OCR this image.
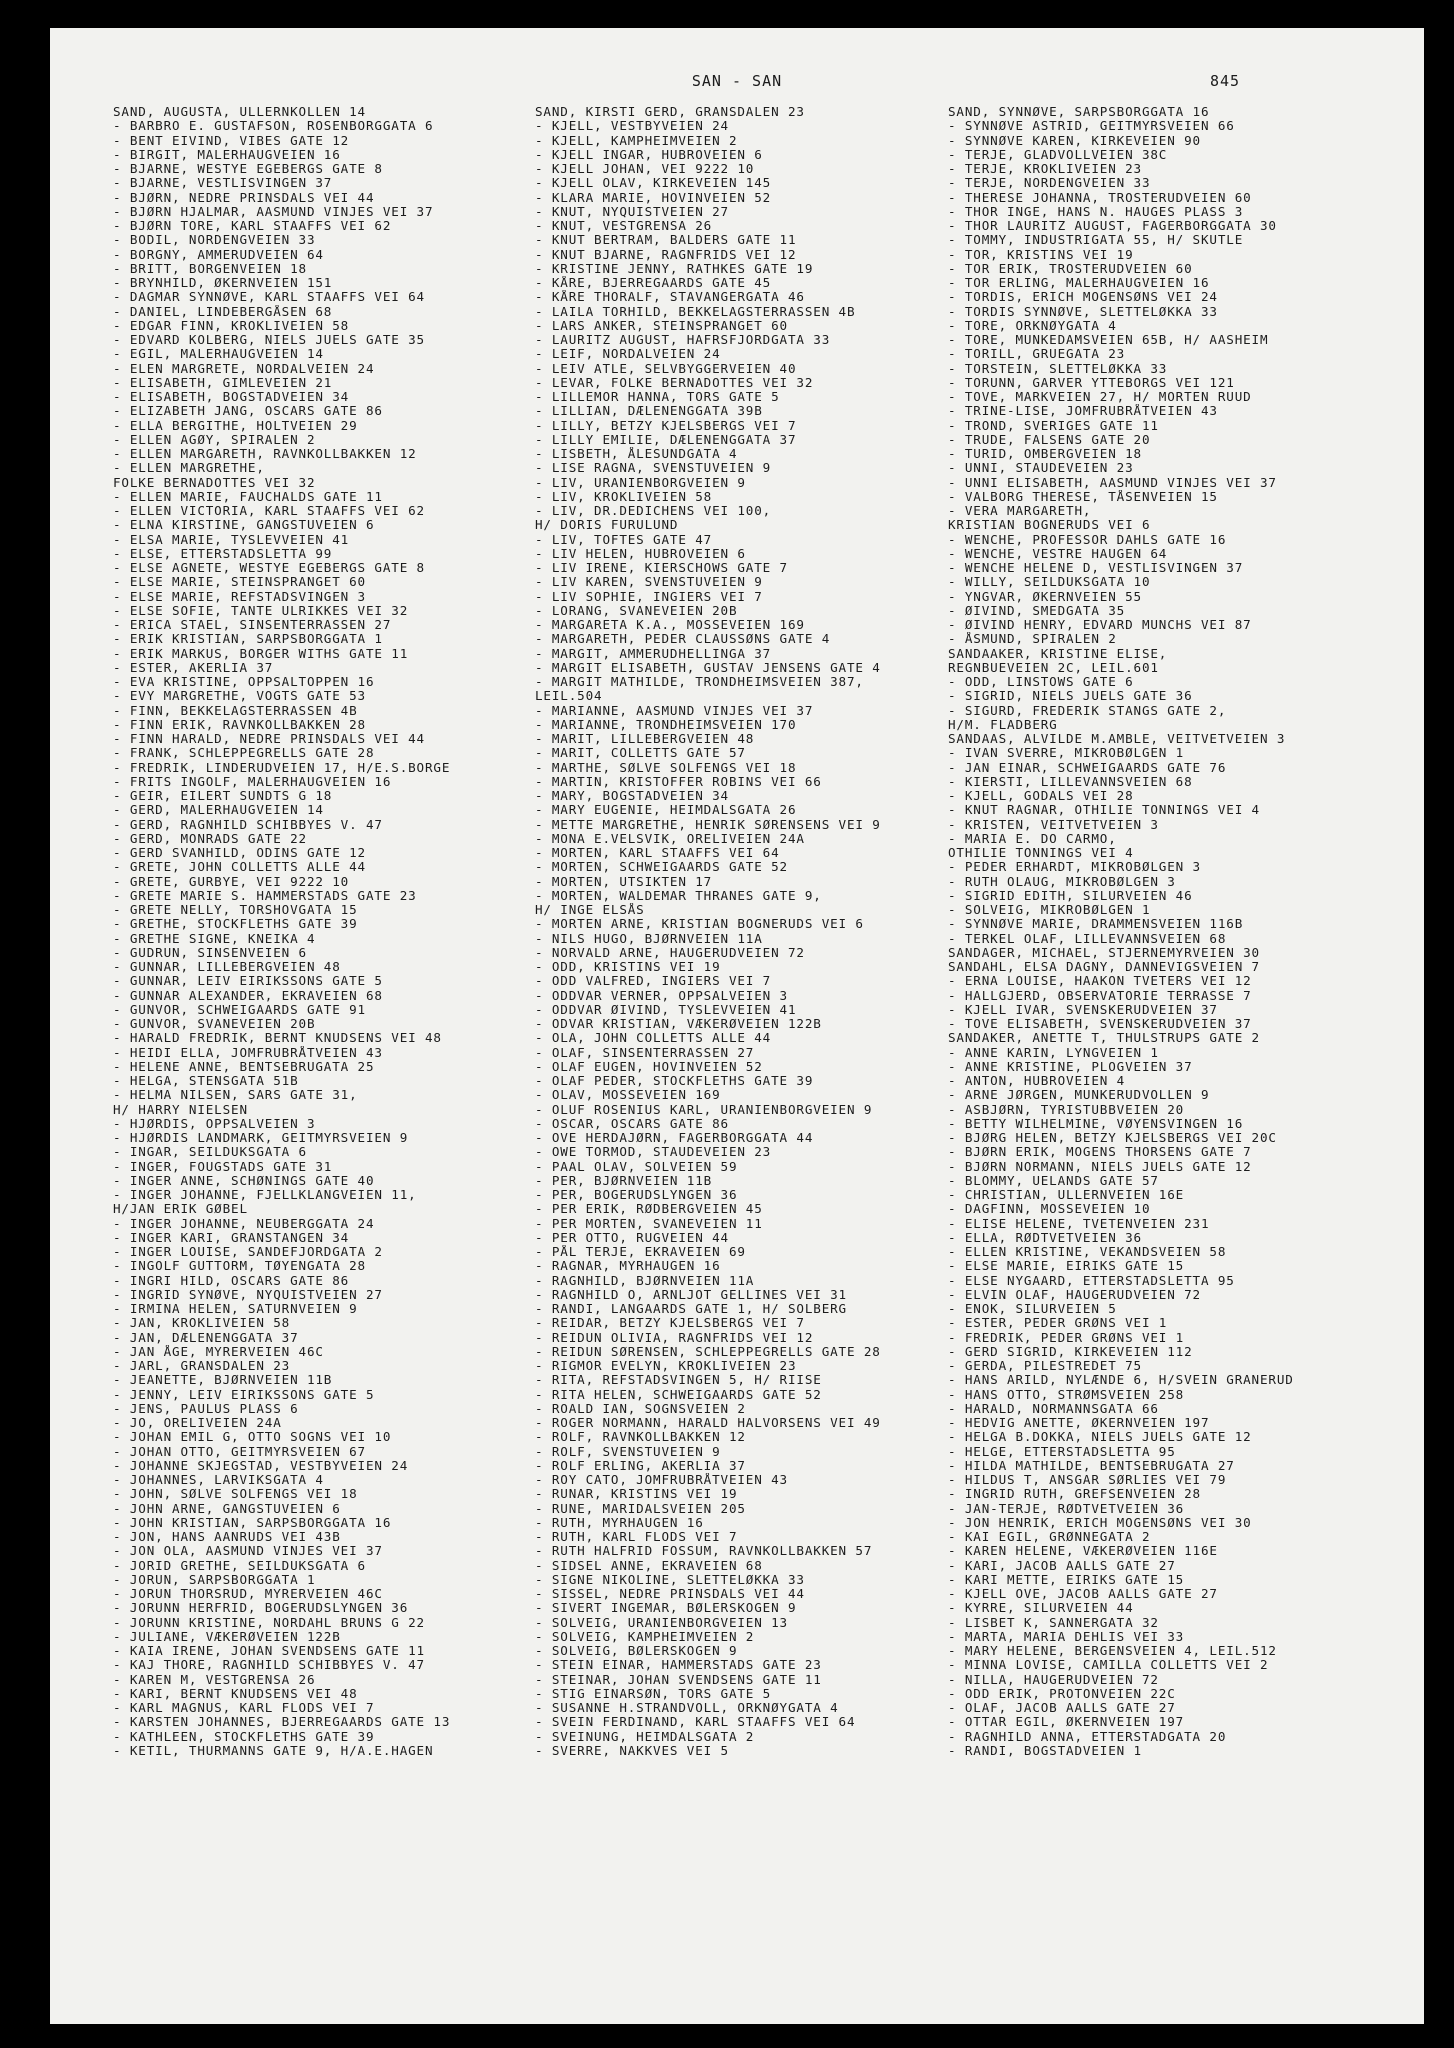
SAN - SAN	845
SAND, AUGUSTA, ULLERNKOLLEN 14
- BARBRO E. GUSTAFSON, ROSENBORGGATA 6
- BENT EIVIND, VIBES GATE 12
- BIRGIT, MALERHAUGVEIEN 16
- BJARNE, WESTYE EGEBERGS GATE 8
- BJARNE, VESTLISVINGEN 37
- BJØRN, NEDRE PRINSDALS VEI 44
- BJØRN HJALMAR, AASMUND VINJES VEI 37
- BJØRN TORE, KARL STAAFFS VEI 62
- BODIL, NORDENGVEIEN 33
- BORGNY, AMMERUDVEIEN 64
- BRITT, BORGENVEIEN 18
- BRYNHILD, ØKERNVEIEN 151
- DAGMAR SYNNØVE, KARL STAAFFS VEI 64
- DANIEL, LINDEBERGÅSEN 68
- EDGAR FINN, KROKLIVEIEN 58
- EDVARD KOLBERG, NIELS JUELS GATE 35
- EGIL, MALERHAUGVEIEN 14
- ELEN MARGRETE, NORDALVEIEN 24
- ELISABETH, GIMLEVEIEN 21
- ELISABETH, BOGSTADVEIEN 34
- ELIZABETH JANG, OSCARS GATE 86
- ELLA BERGITHE, HOLTVEIEN 29
- ELLEN AGØY, SPIRALEN 2
- ELLEN MARGARETH, RAVNKOLLBAKKEN 12
- ELLEN MARGRETHE,
FOLKE BERNADOTTES VEI 32
- ELLEN MARIE, FAUCHALDS GATE 11
- ELLEN VICTORIA, KARL STAAFFS VEI 62
- ELNA KIRSTINE, GANGSTUVEIEN 6
- ELSA MARIE, TYSLEVVEIEN 41
- ELSE, ETTERSTADSLETTA 99
- ELSE AGNETE, WESTYE EGEBERGS GATE 8
- ELSE MARIE, STEINSPRANGET 60
- ELSE MARIE, REFSTADSVINGEN 3
- ELSE SOFIE, TANTE ULRIKKES VEI 32
- ERICA STAEL, SINSENTERRASSEN 27
- ERIK KRISTIAN, SARPSBORGGATA 1
- ERIK MARKUS, BORGER WITHS GATE 11
- ESTER, AKERLIA 37
- EVA KRISTINE, OPPSALTOPPEN 16
- EVY MARGRETHE, VOGTS GATE 53
- FINN, BEKKELAGSTERRASSEN 4B
- FINN ERIK, RAVNKOLLBAKKEN 28
- FINN HARALD, NEDRE PRINSDALS VEI 44
- FRANK, SCHLEPPEGRELLS GATE 28
- FREDRIK, LINDERUDVEIEN 17, H/E.S.BORGE
- FRITS INGOLF, MALERHAUGVEIEN 16
- GEIR, EILERT SUNDTS G 18
- GERD, MALERHAUGVEIEN 14
- GERD, RAGNHILD SCHIBBYES V. 47
- GERD, MONRADS GATE 22
- GERD SVANHILD, ODINS GATE 12
- GRETE, JOHN COLLETTS ALLE 44
- GRETE, GURBYE, VEI 9222 10
- GRETE MARIE S. HAMMERSTADS GATE 23
- GRETE NELLY, TORSHOVGATA 15
- GRETHE, STOCKFLETHS GATE 39
- GRETHE SIGNE, KNEIKA 4
- GUDRUN, SINSENVEIEN 6
- GUNNAR, LILLEBERGVEIEN 48
- GUNNAR, LEIV EIRIKSSONS GATE 5
- GUNNAR ALEXANDER, EKRAVEIEN 68
- GUNVOR, SCHWEIGAARDS GATE 91
- GUNVOR, SVANEVEIEN 20B
- HARALD FREDRIK, BERNT KNUDSENS VEI 48
- HEIDI ELLA, JOMFRUBRÅTVEIEN 43
- HELENE ANNE, BENTSEBRUGATA 25
- HELGA, STENSGATA 51B
- HELMA NILSEN, SARS GATE 31,
H/ HARRY NIELSEN
- HJØRDIS, OPPSALVEIEN 3
- HJØRDIS LANDMARK, GEITMYRSVEIEN 9
- INGAR, SEILDUKSGATA 6
- INGER, FOUGSTADS GATE 31
- INGER ANNE, SCHØNINGS GATE 40
- INGER JOHANNE, FJELLKLANGVEIEN 11,
H/JAN ERIK GØBEL
- INGER JOHANNE, NEUBERGGATA 24
- INGER KARI, GRANSTANGEN 34
- INGER LOUISE, SANDEFJORDGATA 2
- INGOLF GUTTORM, TØYENGATA 28
- INGRI HILD, OSCARS GATE 86
- INGRID SYNØVE, NYQUISTVEIEN 27
- IRMINA HELEN, SATURNVEIEN 9
- JAN, KROKLIVEIEN 58
- JAN, DÆLENENGGATA 37
- JAN ÅGE, MYRERVEIEN 46C
- JARL, GRANSDALEN 23
- JEANETTE, BJØRNVEIEN 11B
- JENNY, LEIV EIRIKSSONS GATE 5
- JENS, PAULUS PLASS 6
- JO, ORELIVEIEN 24A
- JOHAN EMIL G, OTTO SOGNS VEI 10
- JOHAN OTTO, GEITMYRSVEIEN 67
- JOHANNE SKJEGSTAD, VESTBYVEIEN 24
- JOHANNES, LARVIKSGATA 4
- JOHN, SØLVE SOLFENGS VEI 18
- JOHN ARNE, GANGSTUVEIEN 6
- JOHN KRISTIAN, SARPSBORGGATA 16
- JON, HANS AANRUDS VEI 43B
- JON OLA, AASMUND VINJES VEI 37
- JORID GRETHE, SEILDUKSGATA 6
- JORUN, SARPSBORGGATA 1
- JORUN THORSRUD, MYRERVEIEN 46C
- JORUNN HERFRID, BOGERUDSLYNGEN 36
- JORUNN KRISTINE, NORDAHL BRUNS G 22
- JULIANE, VÆKERØVEIEN 122B
- KAIA IRENE, JOHAN SVENDSENS GATE 11
- KAJ THORE, RAGNHILD SCHIBBYES V. 47
- KAREN M, VESTGRENSA 26
- KARI, BERNT KNUDSENS VEI 48
- KARL MAGNUS, KARL FLODS VEI 7
- KARSTEN JOHANNES, BJERREGAARDS GATE 13
- KATHLEEN, STOCKFLETHS GATE 39
- KETIL, THURMANNS GATE 9, H/A.E.HAGEN
SAND, KIRSTI GERD, GRANSDALEN 23
- KJELL, VESTBYVEIEN 24
- KJELL, KAMPHEIMVEIEN 2
- KJELL INGAR, HUBROVEIEN 6
- KJELL JOHAN, VEI 9222 10
- KJELL OLAV, KIRKEVEIEN 145
- KLARA MARIE, HOVINVEIEN 52
- KNUT, NYQUISTVEIEN 27
- KNUT, VESTGRENSA 26
- KNUT BERTRAM, BALDERS GATE 11
- KNUT BJARNE, RAGNFRIDS VEI 12
- KRISTINE JENNY, RATHKES GATE 19
- KÅRE, BJERREGAARDS GATE 45
- KÅRE THORALF, STAVANGERGATA 46
- LAILA TORHILD, BEKKELAGSTERRASSEN 4B
- LARS ANKER, STEINSPRANGET 60
- LAURITZ AUGUST, HAFRSFJORDGATA 33
- LEIF, NORDALVEIEN 24
- LEIV ATLE, SELVBYGGERVEIEN 40
- LEVAR, FOLKE BERNADOTTES VEI 32
- LILLEMOR HANNA, TORS GATE 5
- LILLIAN, DÆLENENGGATA 39B
- LILLY, BETZY KJELSBERGS VEI 7
- LILLY EMILIE, DÆLENENGGATA 37
- LISBETH, ÅLESUNDGATA 4
- LISE RAGNA, SVENSTUVEIEN 9
- LIV, URANIENBORGVEIEN 9
- LIV, KROKLIVEIEN 58
- LIV, DR.DEDICHENS VEI 100,
H/ DORIS FURULUND
- LIV, TOFTES GATE 47
- LIV HELEN, HUBROVEIEN 6
- LIV IRENE, KIERSCHOWS GATE 7
- LIV KAREN, SVENSTUVEIEN 9
- LIV SOPHIE, INGIERS VEI 7
- LORANG, SVANEVEIEN 20B
- MARGARETA K.A., MOSSEVEIEN 169
- MARGARETH, PEDER CLAUSSØNS GATE 4
- MARGIT, AMMERUDHELLINGA 37
- MARGIT ELISABETH, GUSTAV JENSENS GATE 4
- MARGIT MATHILDE, TRONDHEIMSVEIEN 387,
LEIL.504
- MARIANNE, AASMUND VINJES VEI 37
- MARIANNE, TRONDHEIMSVEIEN 170
- MARIT, LILLEBERGVEIEN 48
- MARIT, COLLETTS GATE 57
- MARTHE, SØLVE SOLFENGS VEI 18
- MARTIN, KRISTOFFER ROBINS VEI 66
- MARY, BOGSTADVEIEN 34
- MARY EUGENIE, HEIMDALSGATA 26
- METTE MARGRETHE, HENRIK SØRENSENS VEI 9
- MONA E.VELSVIK, ORELIVEIEN 24A
- MORTEN, KARL STAAFFS VEI 64
- MORTEN, SCHWEIGAARDS GATE 52
- MORTEN, UTSIKTEN 17
- MORTEN, WALDEMAR THRANES GATE 9,
H/ INGE ELSÅS
- MORTEN ARNE, KRISTIAN BOGNERUDS VEI 6
- NILS HUGO, BJØRNVEIEN 11A
- NORVALD ARNE, HAUGERUDVEIEN 72
- ODD, KRISTINS VEI 19
- ODD VALFRED, INGIERS VEI 7
- ODDVAR VERNER, OPPSALVEIEN 3
- ODDVAR ØIVIND, TYSLEVVEIEN 41
- ODVAR KRISTIAN, VÆKERØVEIEN 122B
- OLA, JOHN COLLETTS ALLE 44
- OLAF, SINSENTERRASSEN 27
- OLAF EUGEN, HOVINVEIEN 52
- OLAF PEDER, STOCKFLETHS GATE 39
- OLAV, MOSSEVEIEN 169
- OLUF ROSENIUS KARL, URANIENBORGVEIEN 9
- OSCAR, OSCARS GATE 86
- OVE HERDAJØRN, FAGERBORGGATA 44
- OWE TORMOD, STAUDEVEIEN 23
- PAAL OLAV, SOLVEIEN 59
- PER, BJØRNVEIEN 11B
- PER, BOGERUDSLYNGEN 36
- PER ERIK, RØDBERGVEIEN 45
- PER MORTEN, SVANEVEIEN 11
- PER OTTO, RUGVEIEN 44
- PÅL TERJE, EKRAVEIEN 69
- RAGNAR, MYRHAUGEN 16
- RAGNHILD, BJØRNVEIEN 11A
- RAGNHILD O, ARNLJOT GELLINES VEI 31
- RANDI, LANGAARDS GATE 1, H/ SOLBERG
- REIDAR, BETZY KJELSBERGS VEI 7
- REIDUN OLIVIA, RAGNFRIDS VEI 12
- REIDUN SØRENSEN, SCHLEPPEGRELLS GATE 28
- RIGMOR EVELYN, KROKLIVEIEN 23
- RITA, REFSTADSVINGEN 5, H/ RIISE
- RITA HELEN, SCHWEIGAARDS GATE 52
- ROALD IAN, SOGNSVEIEN 2
- ROGER NORMANN, HARALD HALVORSENS VEI 49
- ROLF, RAVNKOLLBAKKEN 12
- ROLF, SVENSTUVEIEN 9
- ROLF ERLING, AKERLIA 37
- ROY CATO, JOMFRUBRÅTVEIEN 43
- RUNAR, KRISTINS VEI 19
- RUNE, MARIDALSVEIEN 205
- RUTH, MYRHAUGEN 16
- RUTH, KARL FLODS VEI 7
- RUTH HALFRID FOSSUM, RAVNKOLLBAKKEN 57
- SIDSEL ANNE, EKRAVEIEN 68
- SIGNE NIKOLINE, SLETTELØKKA 33
- SISSEL, NEDRE PRINSDALS VEI 44
- SIVERT INGEMAR, BØLERSKOGEN 9
- SOLVEIG, URANIENBORGVEIEN 13
- SOLVEIG, KAMPHEIMVEIEN 2
- SOLVEIG, BØLERSKOGEN 9
- STEIN EINAR, HAMMERSTADS GATE 23
- STEINAR, JOHAN SVENDSENS GATE 11
- STIG EINARSØN, TORS GATE 5
- SUSANNE H.STRANDVOLL, ORKNØYGATA 4
- SVEIN FERDINAND, KARL STAAFFS VEI 64
- SVEINUNG, HEIMDALSGATA 2
- SVERRE, NAKKVES VEI 5
SAND, SYNNØVE, SARPSBORGGATA 16
- SYNNØVE ASTRID, GEITMYRSVEIEN 66
- SYNNØVE KAREN, KIRKEVEIEN 90
- TERJE, GLADVOLLVEIEN 38C
- TERJE, KROKLIVEIEN 23
- TERJE, NORDENGVEIEN 33
- THERESE JOHANNA, TROSTERUDVEIEN 60
- THOR INGE, HANS N. HAUGES PLASS 3
- THOR LAURITZ AUGUST, FAGERBORGGATA 30
- TOMMY, INDUSTRIGATA 55, H/ SKUTLE
- TOR, KRISTINS VEI 19
- TOR ERIK, TROSTERUDVEIEN 60
- TOR ERLING, MALERHAUGVEIEN 16
- TORDIS, ERICH MOGENSØNS VEI 24
- TORDIS SYNNØVE, SLETTELØKKA 33
- TORE, ORKNØYGATA 4
- TORE, MUNKEDAMSVEIEN 65B, H/ AASHEIM
- TORILL, GRUEGATA 23
- TORSTEIN, SLETTELØKKA 33
- TORUNN, GARVER YTTEBORGS VEI 121
- TOVE, MARKVEIEN 27, H/ MORTEN RUUD
- TRINE-LISE, JOMFRUBRÅTVEIEN 43
- TROND, SVERIGES GATE 11
- TRUDE, FALSENS GATE 20
- TURID, OMBERGVEIEN 18
- UNNI, STAUDEVEIEN 23
- UNNI ELISABETH, AASMUND VINJES VEI 37
- VALBORG THERESE, TÅSENVEIEN 15
- VERA MARGARETH,
KRISTIAN BOGNERUDS VEI 6
- WENCHE, PROFESSOR DAHLS GATE 16
- WENCHE, VESTRE HAUGEN 64
- WENCHE HELENE D, VESTLISVINGEN 37
- WILLY, SEILDUKSGATA 10
- YNGVAR, ØKERNVEIEN 55
- ØIVIND, SMEDGATA 35
- ØIVIND HENRY, EDVARD MUNCHS VEI 87
- ÅSMUND, SPIRALEN 2
SANDAAKER, KRISTINE ELISE,
REGNBUEVEIEN 2C, LEIL.601
- ODD, LINSTOWS GATE 6
- SIGRID, NIELS JUELS GATE 36
- SIGURD, FREDERIK STANGS GATE 2,
H/M. FLADBERG
SANDAAS, ALVILDE M.AMBLE, VEITVETVEIEN 3
- IVAN SVERRE, MIKROBØLGEN 1
- JAN EINAR, SCHWEIGAARDS GATE 76
- KIERSTI, LILLEVANNSVEIEN 68
- KJELL, GODALS VEI 28
- KNUT RAGNAR, OTHILIE TONNINGS VEI 4
- KRISTEN, VEITVETVEIEN 3
- MARIA E. DO CARMO,
OTHILIE TONNINGS VEI 4
- PEDER ERHARDT, MIKROBØLGEN 3
- RUTH OLAUG, MIKROBØLGEN 3
- SIGRID EDITH, SILURVEIEN 46
- SOLVEIG, MIKROBØLGEN 1
- SYNNØVE MARIE, DRAMMENSVEIEN 116B
- TERKEL OLAF, LILLEVANNSVEIEN 68
SANDAGER, MICHAEL, STJERNEMYRVEIEN 30
SANDAHL, ELSA DAGNY, DANNEVIGSVEIEN 7
- ERNA LOUISE, HAAKON TVETERS VEI 12
- HALLGJERD, OBSERVATORIE TERRASSE 7
- KJELL IVAR, SVENSKERUDVEIEN 37
- TOVE ELISABETH, SVENSKERUDVEIEN 37
SANDAKER, ANETTE T, THULSTRUPS GATE 2
- ANNE KARIN, LYNGVEIEN 1
- ANNE KRISTINE, PLOGVEIEN 37
- ANTON, HUBROVEIEN 4
- ARNE JØRGEN, MUNKERUDVOLLEN 9
- ASBJØRN, TYRISTUBBVEIEN 20
- BETTY WILHELMINE, VØYENSVINGEN 16
- BJØRG HELEN, BETZY KJELSBERGS VEI 20C
- BJØRN ERIK, MOGENS THORSENS GATE 7
- BJØRN NORMANN, NIELS JUELS GATE 12
- BLOMMY, UELANDS GATE 57
- CHRISTIAN, ULLERNVEIEN 16E
- DAGFINN, MOSSEVEIEN 10
- ELISE HELENE, TVETENVEIEN 231
- ELLA, RØDTVETVEIEN 36
- ELLEN KRISTINE, VEKANDSVEIEN 58
- ELSE MARIE, EIRIKS GATE 15
- ELSE NYGAARD, ETTERSTADSLETTA 95
- ELVIN OLAF, HAUGERUDVEIEN 72
- ENOK, SILURVEIEN 5
- ESTER, PEDER GRØNS VEI 1
- FREDRIK, PEDER GRØNS VEI 1
- GERD SIGRID, KIRKEVEIEN 112
- GERDA, PILESTREDET 75
- HANS ARILD, NYLÆNDE 6, H/SVEIN GRANERUD
- HANS OTTO, STRØMSVEIEN 258
- HARALD, NORMANNSGATA 66
- HEDVIG ANETTE, ØKERNVEIEN 197
- HELGA B.DOKKA, NIELS JUELS GATE 12
- HELGE, ETTERSTADSLETTA 95
- HILDA MATHILDE, BENTSEBRUGATA 27
- HILDUS T, ANSGAR SØRLIES VEI 79
- INGRID RUTH, GREFSENVEIEN 28
- JAN-TERJE, RØDTVETVEIEN 36
- JON HENRIK, ERICH MOGENSØNS VEI 30
- KAI EGIL, GRØNNEGATA 2
- KAREN HELENE, VÆKERØVEIEN 116E
- KARI, JACOB AALLS GATE 27
- KARI METTE, EIRIKS GATE 15
- KJELL OVE, JACOB AALLS GATE 27
- KYRRE, SILURVEIEN 44
- LISBET K, SANNERGATA 32
- MARTA, MARIA DEHLIS VEI 33
- MARY HELENE, BERGENSVEIEN 4, LEIL.512
- MINNA LOVISE, CAMILLA COLLETTS VEI 2
- NILLA, HAUGERUDVEIEN 72
- ODD ERIK, PROTONVEIEN 22C
- OLAF, JACOB AALLS GATE 27
- OTTAR EGIL, ØKERNVEIEN 197
- RAGNHILD ANNA, ETTERSTADGATA 20
- RANDI, BOGSTADVEIEN 1
